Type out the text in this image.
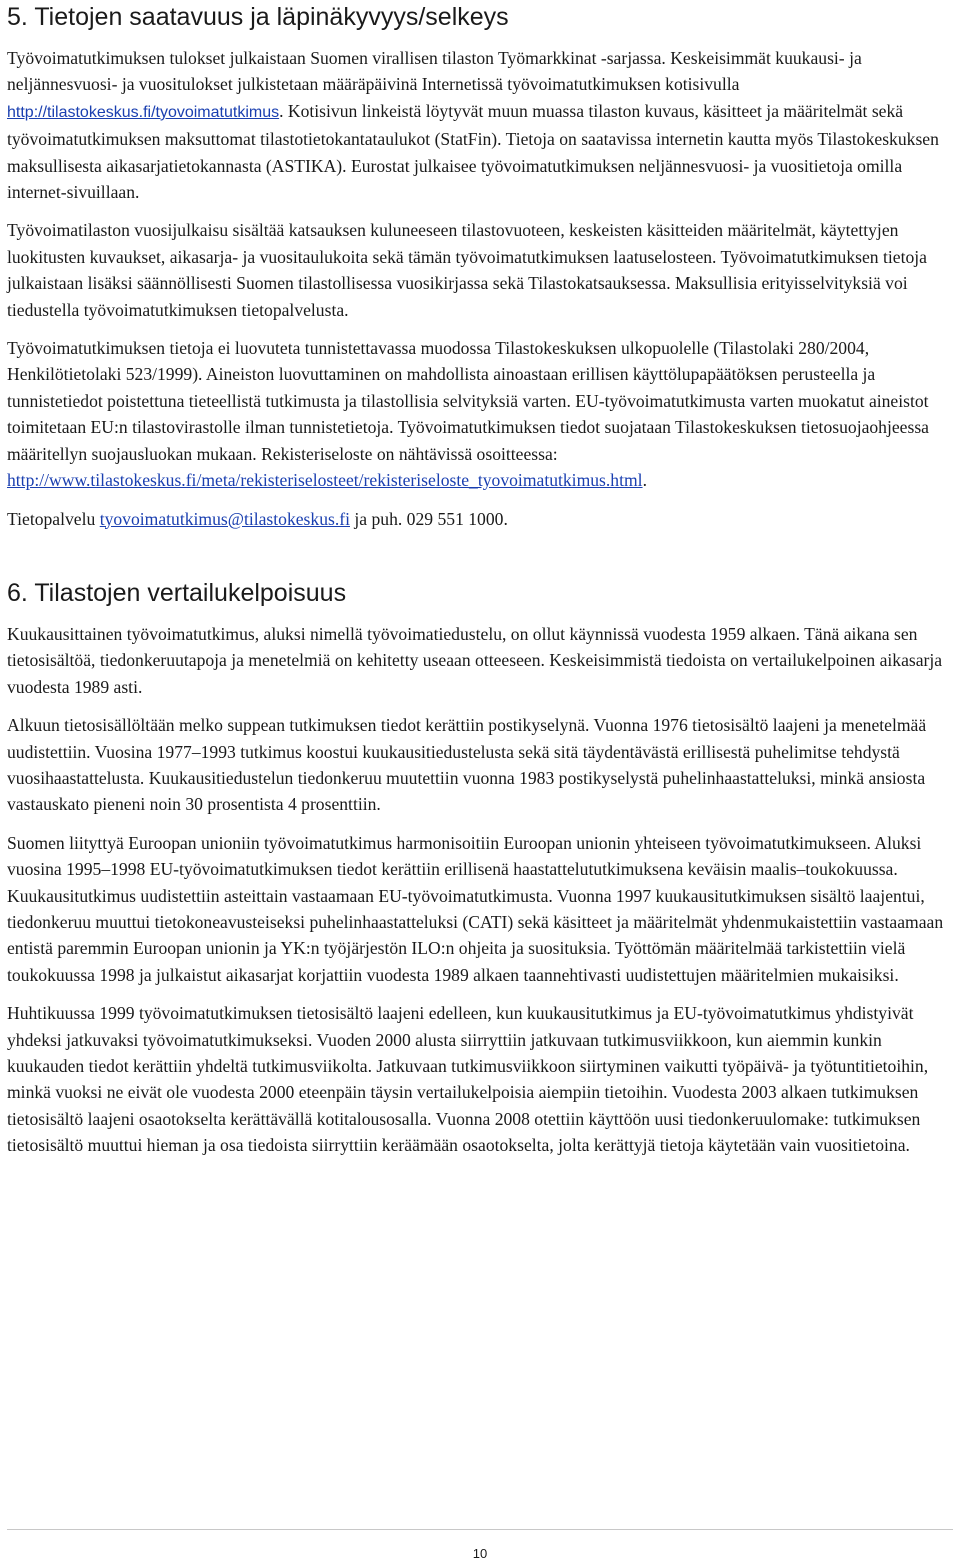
5. Tietojen saatavuus ja läpinäkyvyys/selkeys

Työvoimatutkimuksen tulokset julkaistaan Suomen virallisen tilaston Työmarkkinat -sarjassa. Keskeisimmät kuukausi- ja neljännesvuosi- ja vuositulokset julkistetaan määräpäivinä Internetissä työvoimatutkimuksen kotisivulla http://tilastokeskus.fi/tyovoimatutkimus. Kotisivun linkeistä löytyvät muun muassa tilaston kuvaus, käsitteet ja määritelmät sekä työvoimatutkimuksen maksuttomat tilastotietokantataulukot (StatFin). Tietoja on saatavissa internetin kautta myös Tilastokeskuksen maksullisesta aikasarjatietokannasta (ASTIKA). Eurostat julkaisee työvoimatutkimuksen neljännesvuosi- ja vuositietoja omilla internet-sivuillaan.

Työvoimatilaston vuosijulkaisu sisältää katsauksen kuluneeseen tilastovuoteen, keskeisten käsitteiden määritelmät, käytettyjen luokitusten kuvaukset, aikasarja- ja vuositaulukoita sekä tämän työvoimatutkimuksen laatuselosteen. Työvoimatutkimuksen tietoja julkaistaan lisäksi säännöllisesti Suomen tilastollisessa vuosikirjassa sekä Tilastokatsauksessa. Maksullisia erityisselvityksiä voi tiedustella työvoimatutkimuksen tietopalvelusta.

Työvoimatutkimuksen tietoja ei luovuteta tunnistettavassa muodossa Tilastokeskuksen ulkopuolelle (Tilastolaki 280/2004, Henkilötietolaki 523/1999). Aineiston luovuttaminen on mahdollista ainoastaan erillisen käyttölupapäätöksen perusteella ja tunnistetiedot poistettuna tieteellistä tutkimusta ja tilastollisia selvityksiä varten. EU-työvoimatutkimusta varten muokatut aineistot toimitetaan EU:n tilastovirastolle ilman tunnistetietoja. Työvoimatutkimuksen tiedot suojataan Tilastokeskuksen tietosuojaohjeessa määritellyn suojausluokan mukaan. Rekisteriseloste on nähtävissä osoitteessa: http://www.tilastokeskus.fi/meta/rekisteriselosteet/rekisteriseloste_tyovoimatutkimus.html.

Tietopalvelu tyovoimatutkimus@tilastokeskus.fi ja puh. 029 551 1000.

6. Tilastojen vertailukelpoisuus

Kuukausittainen työvoimatutkimus, aluksi nimellä työvoimatiedustelu, on ollut käynnissä vuodesta 1959 alkaen. Tänä aikana sen tietosisältöä, tiedonkeruutapoja ja menetelmiä on kehitetty useaan otteeseen. Keskeisimmistä tiedoista on vertailukelpoinen aikasarja vuodesta 1989 asti.

Alkuun tietosisällöltään melko suppean tutkimuksen tiedot kerättiin postikyselynä. Vuonna 1976 tietosisältö laajeni ja menetelmää uudistettiin. Vuosina 1977–1993 tutkimus koostui kuukausitiedustelusta sekä sitä täydentävästä erillisestä puhelimitse tehdystä vuosihaastattelusta. Kuukausitiedustelun tiedonkeruu muutettiin vuonna 1983 postikyselystä puhelinhaastatteluksi, minkä ansiosta vastauskato pieneni noin 30 prosentista 4 prosenttiin.

Suomen liityttyä Euroopan unioniin työvoimatutkimus harmonisoitiin Euroopan unionin yhteiseen työvoimatutkimukseen. Aluksi vuosina 1995–1998 EU-työvoimatutkimuksen tiedot kerättiin erillisenä haastattelututkimuksena keväisin maalis–toukokuussa. Kuukausitutkimus uudistettiin asteittain vastaamaan EU-työvoimatutkimusta. Vuonna 1997 kuukausitutkimuksen sisältö laajentui, tiedonkeruu muuttui tietokoneavusteiseksi puhelinhaastatteluksi (CATI) sekä käsitteet ja määritelmät yhdenmukaistettiin vastaamaan entistä paremmin Euroopan unionin ja YK:n työjärjestön ILO:n ohjeita ja suosituksia. Työttömän määritelmää tarkistettiin vielä toukokuussa 1998 ja julkaistut aikasarjat korjattiin vuodesta 1989 alkaen taannehtivasti uudistettujen määritelmien mukaisiksi.

Huhtikuussa 1999 työvoimatutkimuksen tietosisältö laajeni edelleen, kun kuukausitutkimus ja EU-työvoimatutkimus yhdistyivät yhdeksi jatkuvaksi työvoimatutkimukseksi. Vuoden 2000 alusta siirryttiin jatkuvaan tutkimusviikkoon, kun aiemmin kunkin kuukauden tiedot kerättiin yhdeltä tutkimusviikolta. Jatkuvaan tutkimusviikkoon siirtyminen vaikutti työpäivä- ja työtuntitietoihin, minkä vuoksi ne eivät ole vuodesta 2000 eteenpäin täysin vertailukelpoisia aiempiin tietoihin. Vuodesta 2003 alkaen tutkimuksen tietosisältö laajeni osaotokselta kerättävällä kotitalousosalla. Vuonna 2008 otettiin käyttöön uusi tiedonkeruulomake: tutkimuksen tietosisältö muuttui hieman ja osa tiedoista siirryttiin keräämään osaotokselta, jolta kerättyjä tietoja käytetään vain vuositietoina.

10
